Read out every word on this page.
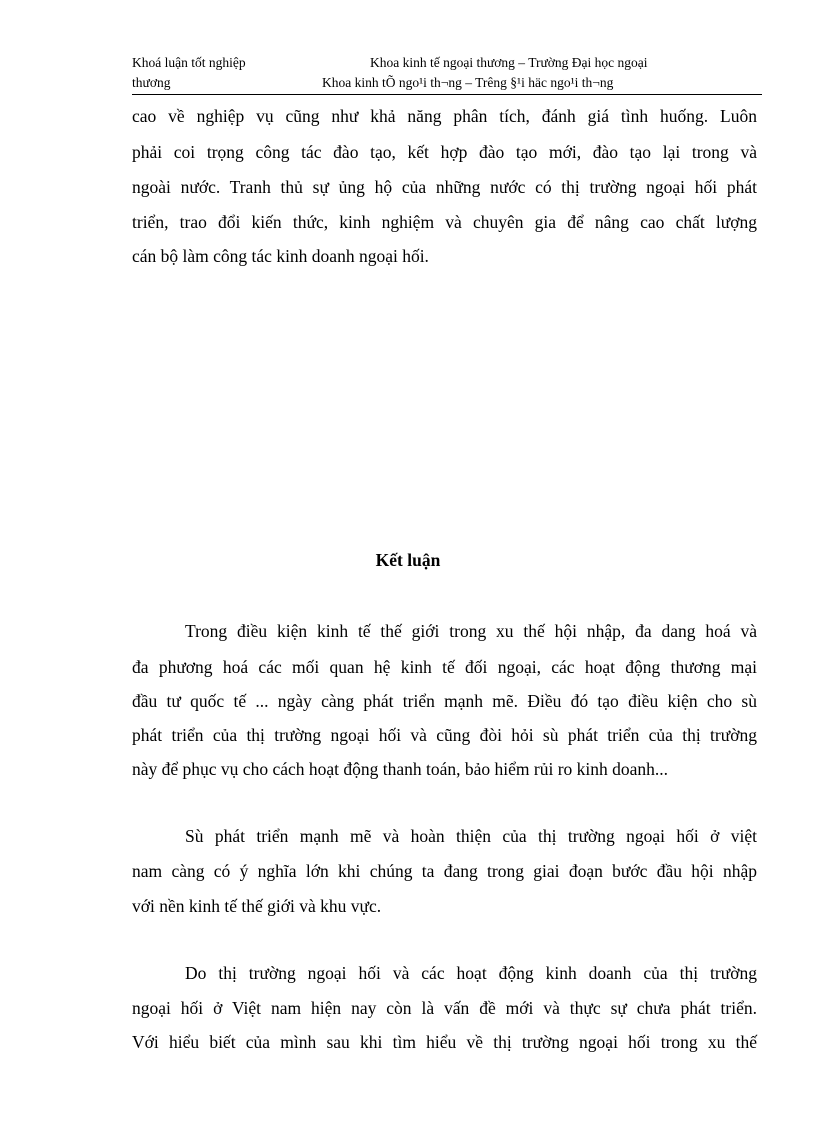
Khoá luận tốt nghiệp	Khoa kinh tế ngoại thương – Trường Đại học ngoại
thương	Khoa kinh tÕ ngo¹i th¬ng – Trêng §¹i häc ngo¹i th¬ng
cao về nghiệp vụ cũng như khả năng phân tích, đánh giá tình huống. Luôn
phải coi trọng công tác đào tạo, kết hợp đào tạo mới, đào tạo lại trong và
ngoài nước. Tranh thủ sự ủng hộ của những nước có thị trường ngoại hối phát
triển, trao đổi kiến thức, kinh nghiệm và chuyên gia để nâng cao chất lượng
cán bộ làm công tác kinh doanh ngoại hối.
Kết luận
Trong điều kiện kinh tế thế giới trong xu thế hội nhập, đa dang hoá và
đa phương hoá các mối quan hệ kinh tế đối ngoại, các hoạt động thương mại
đầu tư quốc tế ... ngày càng phát triển mạnh mẽ. Điều đó tạo điều kiện cho sù
phát triển của thị trường ngoại hối và cũng đòi hỏi sù phát triển của thị trường
này để phục vụ cho cách hoạt động thanh toán, bảo hiểm rủi ro kinh doanh...
Sù phát triển mạnh mẽ và hoàn thiện của thị trường ngoại hối ở việt
nam càng có ý nghĩa lớn khi chúng ta đang trong giai đoạn bước đầu hội nhập
với nền kinh tế thế giới và khu vực.
Do thị trường ngoại hối và các hoạt động kinh doanh của thị trường
ngoại hối ở Việt nam hiện nay còn là vấn đề mới và thực sự chưa phát triển.
Với hiểu biết của mình sau khi tìm hiểu về thị trường ngoại hối trong xu thế
